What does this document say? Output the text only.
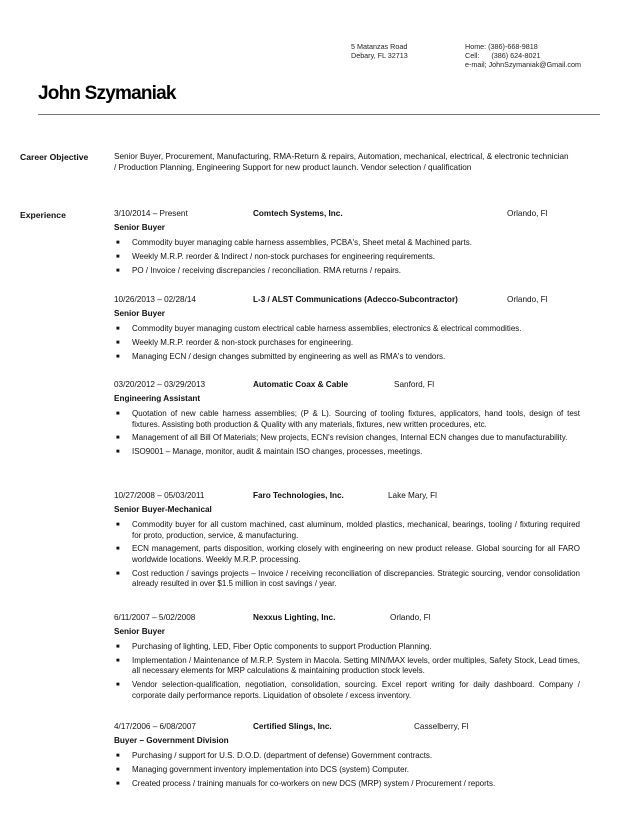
5 Matanzas Road
Debary, FL 32713
Home: (386)-668-9818
Cell:      (386) 624-8021
e-mail; JohnSzymaniak@Gmail.com
John Szymaniak
Career Objective	Senior Buyer, Procurement, Manufacturing, RMA-Return & repairs, Automation, mechanical, electrical, & electronic technician / Production Planning, Engineering Support for new product launch. Vendor selection / qualification
Experience	3/10/2014 – Present	Comtech Systems, Inc.	Orlando, Fl
Senior Buyer
■ Commodity buyer managing cable harness assemblies, PCBA's, Sheet metal & Machined parts.
■ Weekly M.R.P. reorder & Indirect / non-stock purchases for engineering requirements.
■ PO / Invoice / receiving discrepancies / reconciliation. RMA returns / repairs.
10/26/2013 – 02/28/14	L-3 / ALST Communications (Adecco-Subcontractor)	Orlando, Fl
Senior Buyer
■ Commodity buyer managing custom electrical cable harness assemblies, electronics & electrical commodities.
■ Weekly M.R.P. reorder & non-stock purchases for engineering.
■ Managing ECN / design changes submitted by engineering as well as RMA's to vendors.
03/20/2012 – 03/29/2013	Automatic Coax & Cable	Sanford, Fl
Engineering Assistant
■ Quotation of new cable harness assemblies; (P & L). Sourcing of tooling fixtures, applicators, hand tools, design of test fixtures. Assisting both production & Quality with any materials, fixtures, new written procedures, etc.
■ Management of all Bill Of Materials; New projects, ECN's revision changes, Internal ECN changes due to manufacturability.
■ ISO9001 – Manage, monitor, audit & maintain ISO changes, processes, meetings.
10/27/2008 – 05/03/2011	Faro Technologies, Inc.	Lake Mary, Fl
Senior Buyer-Mechanical
■ Commodity buyer for all custom machined, cast aluminum, molded plastics, mechanical, bearings, tooling / fixturing required for proto, production, service, & manufacturing.
■ ECN management, parts disposition, working closely with engineering on new product release. Global sourcing for all FARO worldwide locations. Weekly M.R.P. processing.
■ Cost reduction / savings projects – Invoice / receiving reconciliation of discrepancies. Strategic sourcing, vendor consolidation already resulted in over $1.5 million in cost savings / year.
6/11/2007 – 5/02/2008	Nexxus Lighting, Inc.	Orlando, Fl
Senior Buyer
■ Purchasing of lighting, LED, Fiber Optic components to support Production Planning.
■ Implementation / Maintenance of M.R.P. System in Macola. Setting MIN/MAX levels, order multiples, Safety Stock, Lead times, all necessary elements for MRP calculations & maintaining production stock levels.
■ Vendor selection-qualification, negotiation, consolidation, sourcing. Excel report writing for daily dashboard. Company / corporate daily performance reports. Liquidation of obsolete / excess inventory.
4/17/2006 – 6/08/2007	Certified Slings, Inc.	Casselberry, Fl
Buyer – Government Division
■ Purchasing / support for U.S. D.O.D. (department of defense) Government contracts.
■ Managing government inventory implementation into DCS (system) Computer.
■ Created process / training manuals for co-workers on new DCS (MRP) system / Procurement / reports.
